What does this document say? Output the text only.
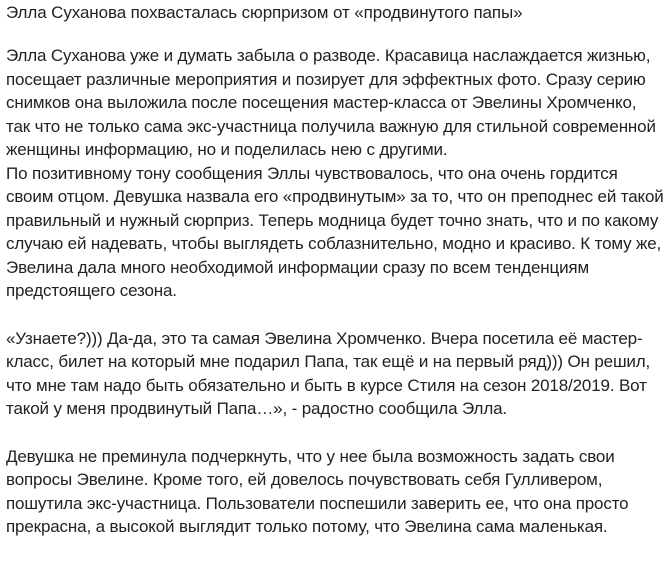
Элла Суханова похвасталась сюрпризом от «продвинутого папы»

Элла Суханова уже и думать забыла о разводе. Красавица наслаждается жизнью, посещает различные мероприятия и позирует для эффектных фото. Сразу серию снимков она выложила после посещения мастер-класса от Эвелины Хромченко, так что не только сама экс-участница получила важную для стильной современной женщины информацию, но и поделилась нею с другими.

По позитивному тону сообщения Эллы чувствовалось, что она очень гордится своим отцом. Девушка назвала его «продвинутым» за то, что он преподнес ей такой правильный и нужный сюрприз. Теперь модница будет точно знать, что и по какому случаю ей надевать, чтобы выглядеть соблазнительно, модно и красиво. К тому же, Эвелина дала много необходимой информации сразу по всем тенденциям предстоящего сезона.

«Узнаете?))) Да-да, это та самая Эвелина Хромченко. Вчера посетила её мастер-класс, билет на который мне подарил Папа, так ещё и на первый ряд))) Он решил, что мне там надо быть обязательно и быть в курсе Стиля на сезон 2018/2019. Вот такой у меня продвинутый Папа…», - радостно сообщила Элла.

Девушка не преминула подчеркнуть, что у нее была возможность задать свои вопросы Эвелине. Кроме того, ей довелось почувствовать себя Гулливером, пошутила экс-участница. Пользователи поспешили заверить ее, что она просто прекрасна, а высокой выглядит только потому, что Эвелина сама маленькая.
